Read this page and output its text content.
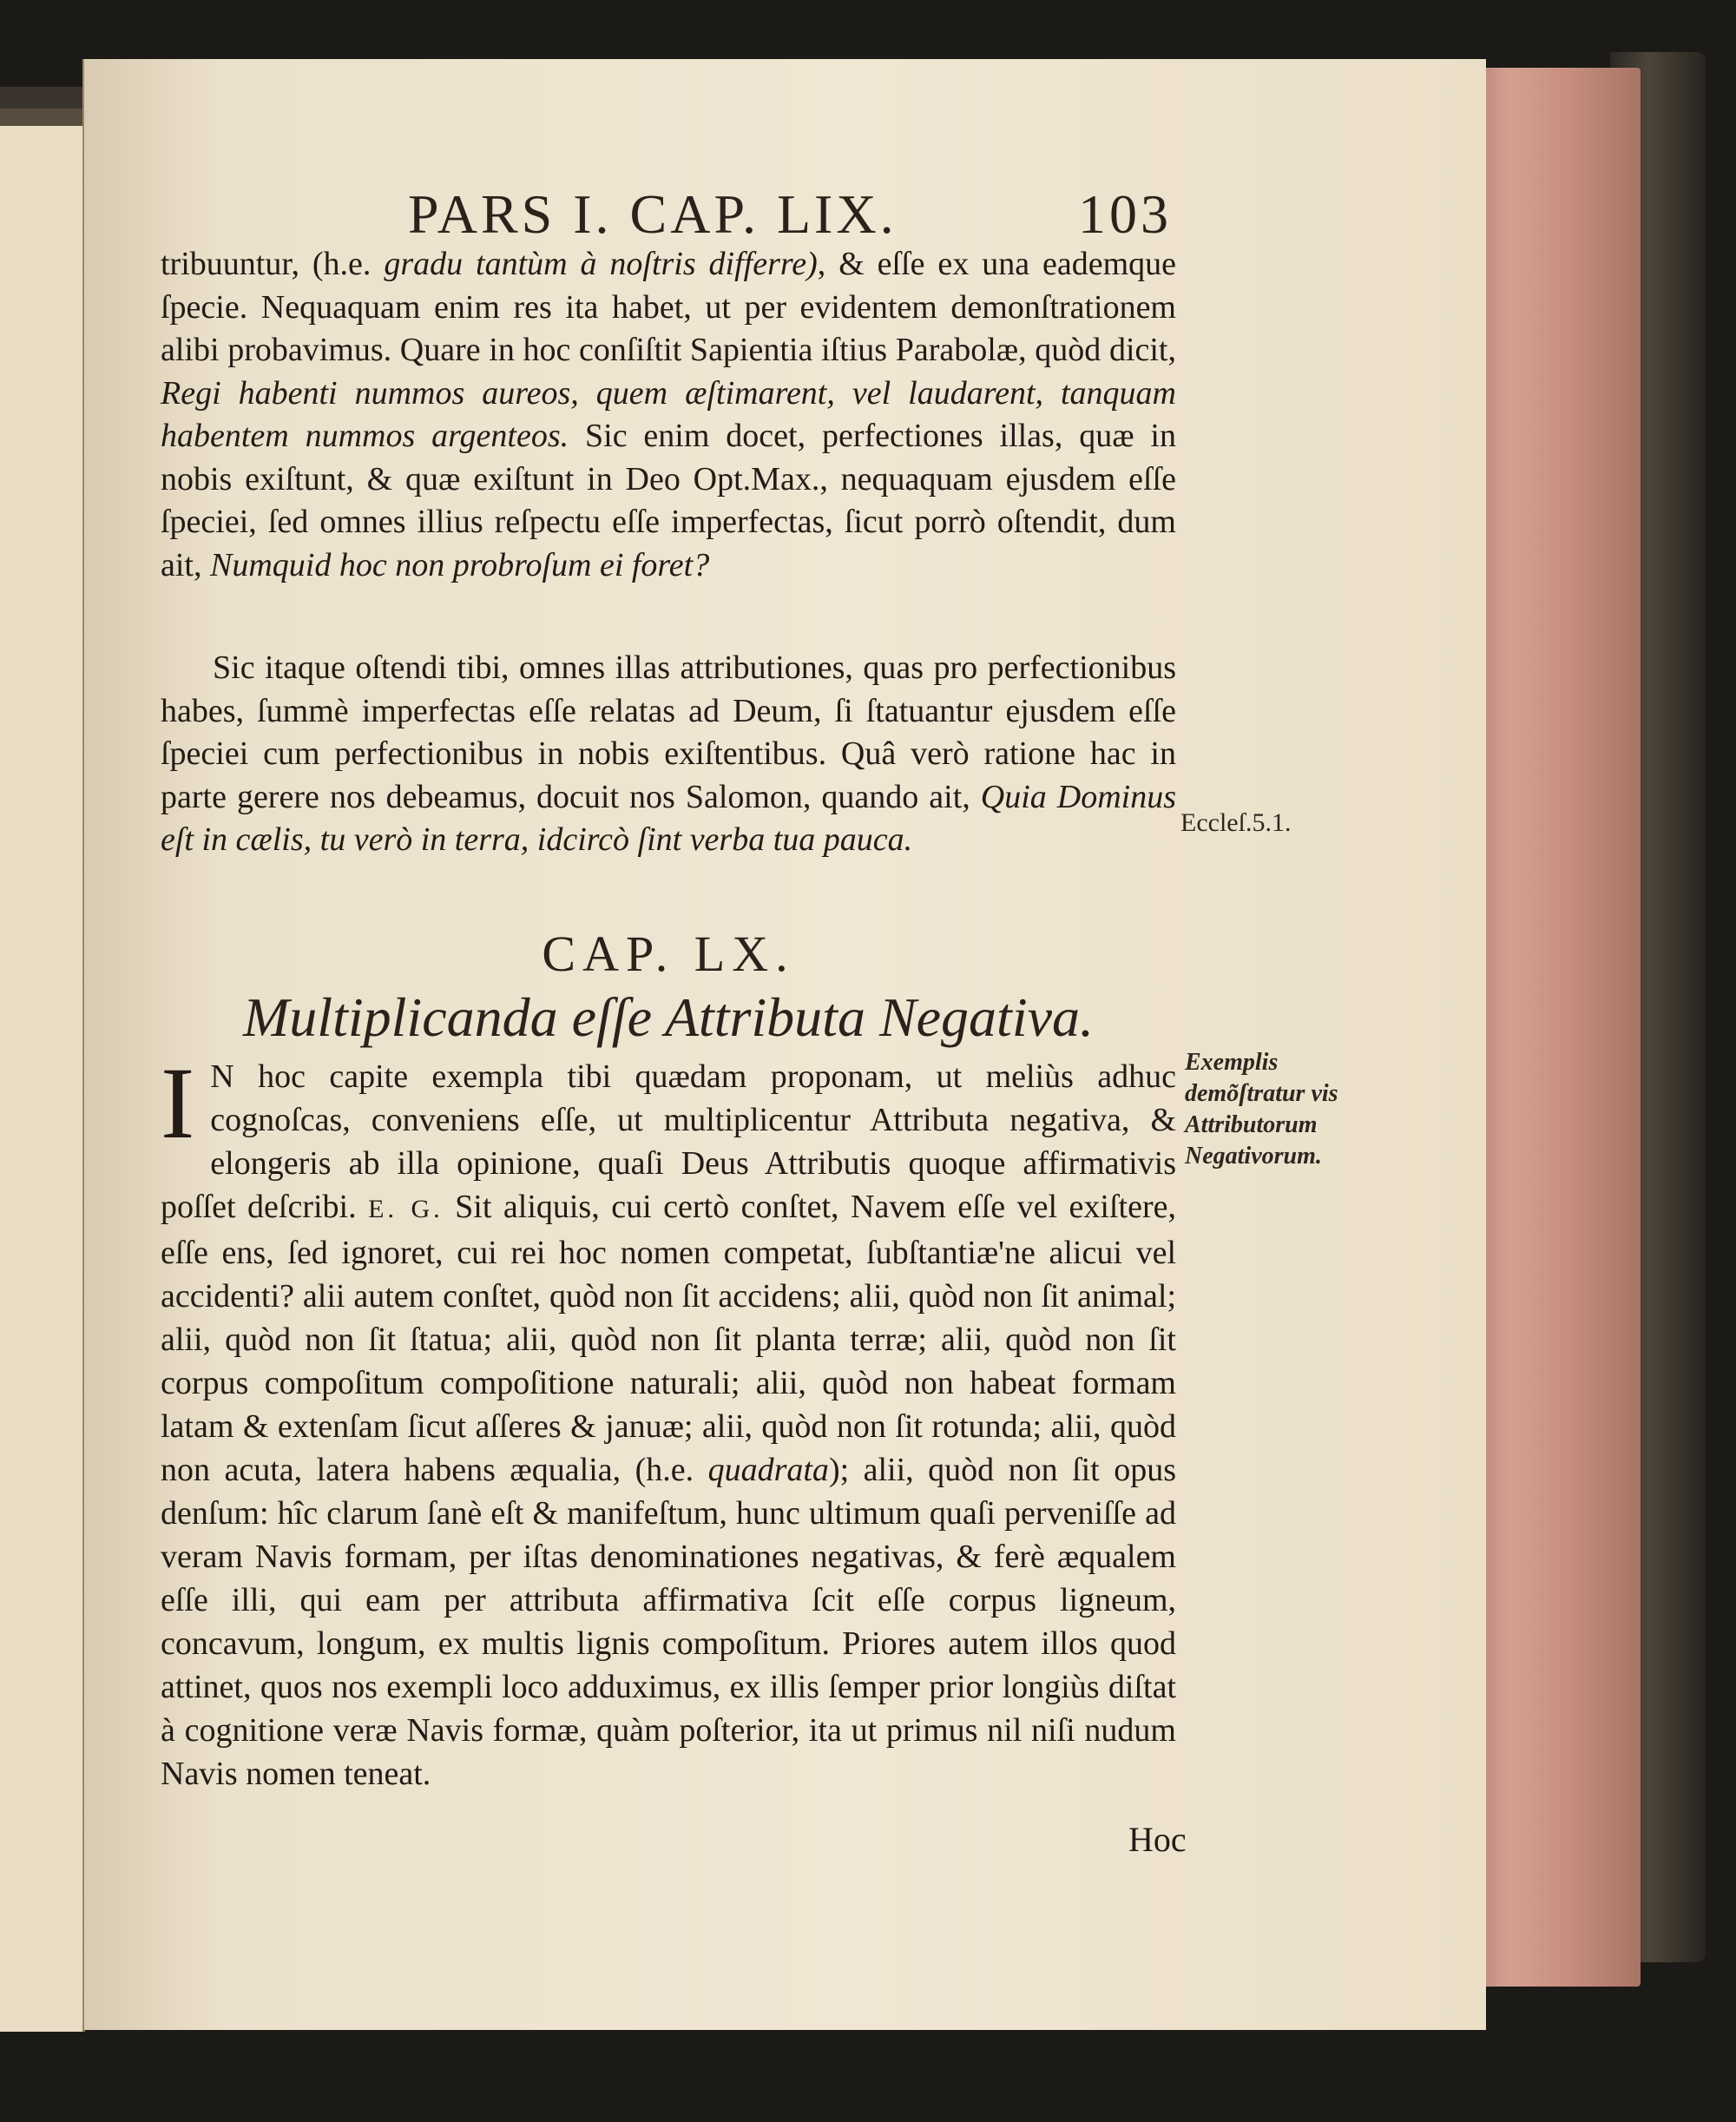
PARS I. CAP. LIX.	103

tribuuntur, (h.e. gradu tantùm à noſtris differre), & eſſe ex una eademque ſpecie. Nequaquam enim res ita habet, ut per evidentem demonſtrationem alibi probavimus. Quare in hoc conſiſtit Sapientia iſtius Parabolæ, quòd dicit, Regi habenti nummos aureos, quem æſtimarent, vel laudarent, tanquam habentem nummos argenteos. Sic enim docet, perfectiones illas, quæ in nobis exiſtunt, & quæ exiſtunt in Deo Opt.Max., nequaquam ejusdem eſſe ſpeciei, ſed omnes illius reſpectu eſſe imperfectas, ſicut porrò oſtendit, dum ait, Numquid hoc non probroſum ei foret?

Sic itaque oſtendi tibi, omnes illas attributiones, quas pro perfectionibus habes, ſummè imperfectas eſſe relatas ad Deum, ſi ſtatuantur ejusdem eſſe ſpeciei cum perfectionibus in nobis exiſtentibus. Quâ verò ratione hac in parte gerere nos debeamus, docuit nos Salomon, quando ait, Quia Dominus eſt in cælis, tu verò in terra, idcircò ſint verba tua pauca.	Eccleſ.5.1.
CAP. LX.
Multiplicanda eſſe Attributa Negativa.

I N hoc capite exempla tibi quædam proponam, ut meliùs adhuc cognoſcas, conveniens eſſe, ut multiplicentur Attributa negativa, & elongeris ab illa opinione, quaſi Deus Attributis quoque affirmativis poſſet deſcribi. E. G. Sit aliquis, cui certò conſtet, Navem eſſe vel exiſtere, eſſe ens, ſed ignoret, cui rei hoc nomen competat, ſubſtantiæ'ne alicui vel accidenti? alii autem conſtet, quòd non ſit accidens; alii, quòd non ſit animal; alii, quòd non ſit ſtatua; alii, quòd non ſit planta terræ; alii, quòd non ſit corpus compoſitum compoſitione naturali; alii, quòd non habeat formam latam & extenſam ſicut aſſeres & januæ; alii, quòd non ſit rotunda; alii, quòd non acuta, latera habens æqualia, (h.e. quadrata); alii, quòd non ſit opus denſum: hîc clarum ſanè eſt & manifeſtum, hunc ultimum quaſi perveniſſe ad veram Navis formam, per iſtas denominationes negativas, & ferè æqualem eſſe illi, qui eam per attributa affirmativa ſcit eſſe corpus ligneum, concavum, longum, ex multis lignis compoſitum. Priores autem illos quod attinet, quos nos exempli loco adduximus, ex illis ſemper prior longiùs diſtat à cognitione veræ Navis formæ, quàm poſterior, ita ut primus nil niſi nudum Navis nomen teneat.

Exemplis demõſtratur vis Attributorum Negativorum.
Hoc
